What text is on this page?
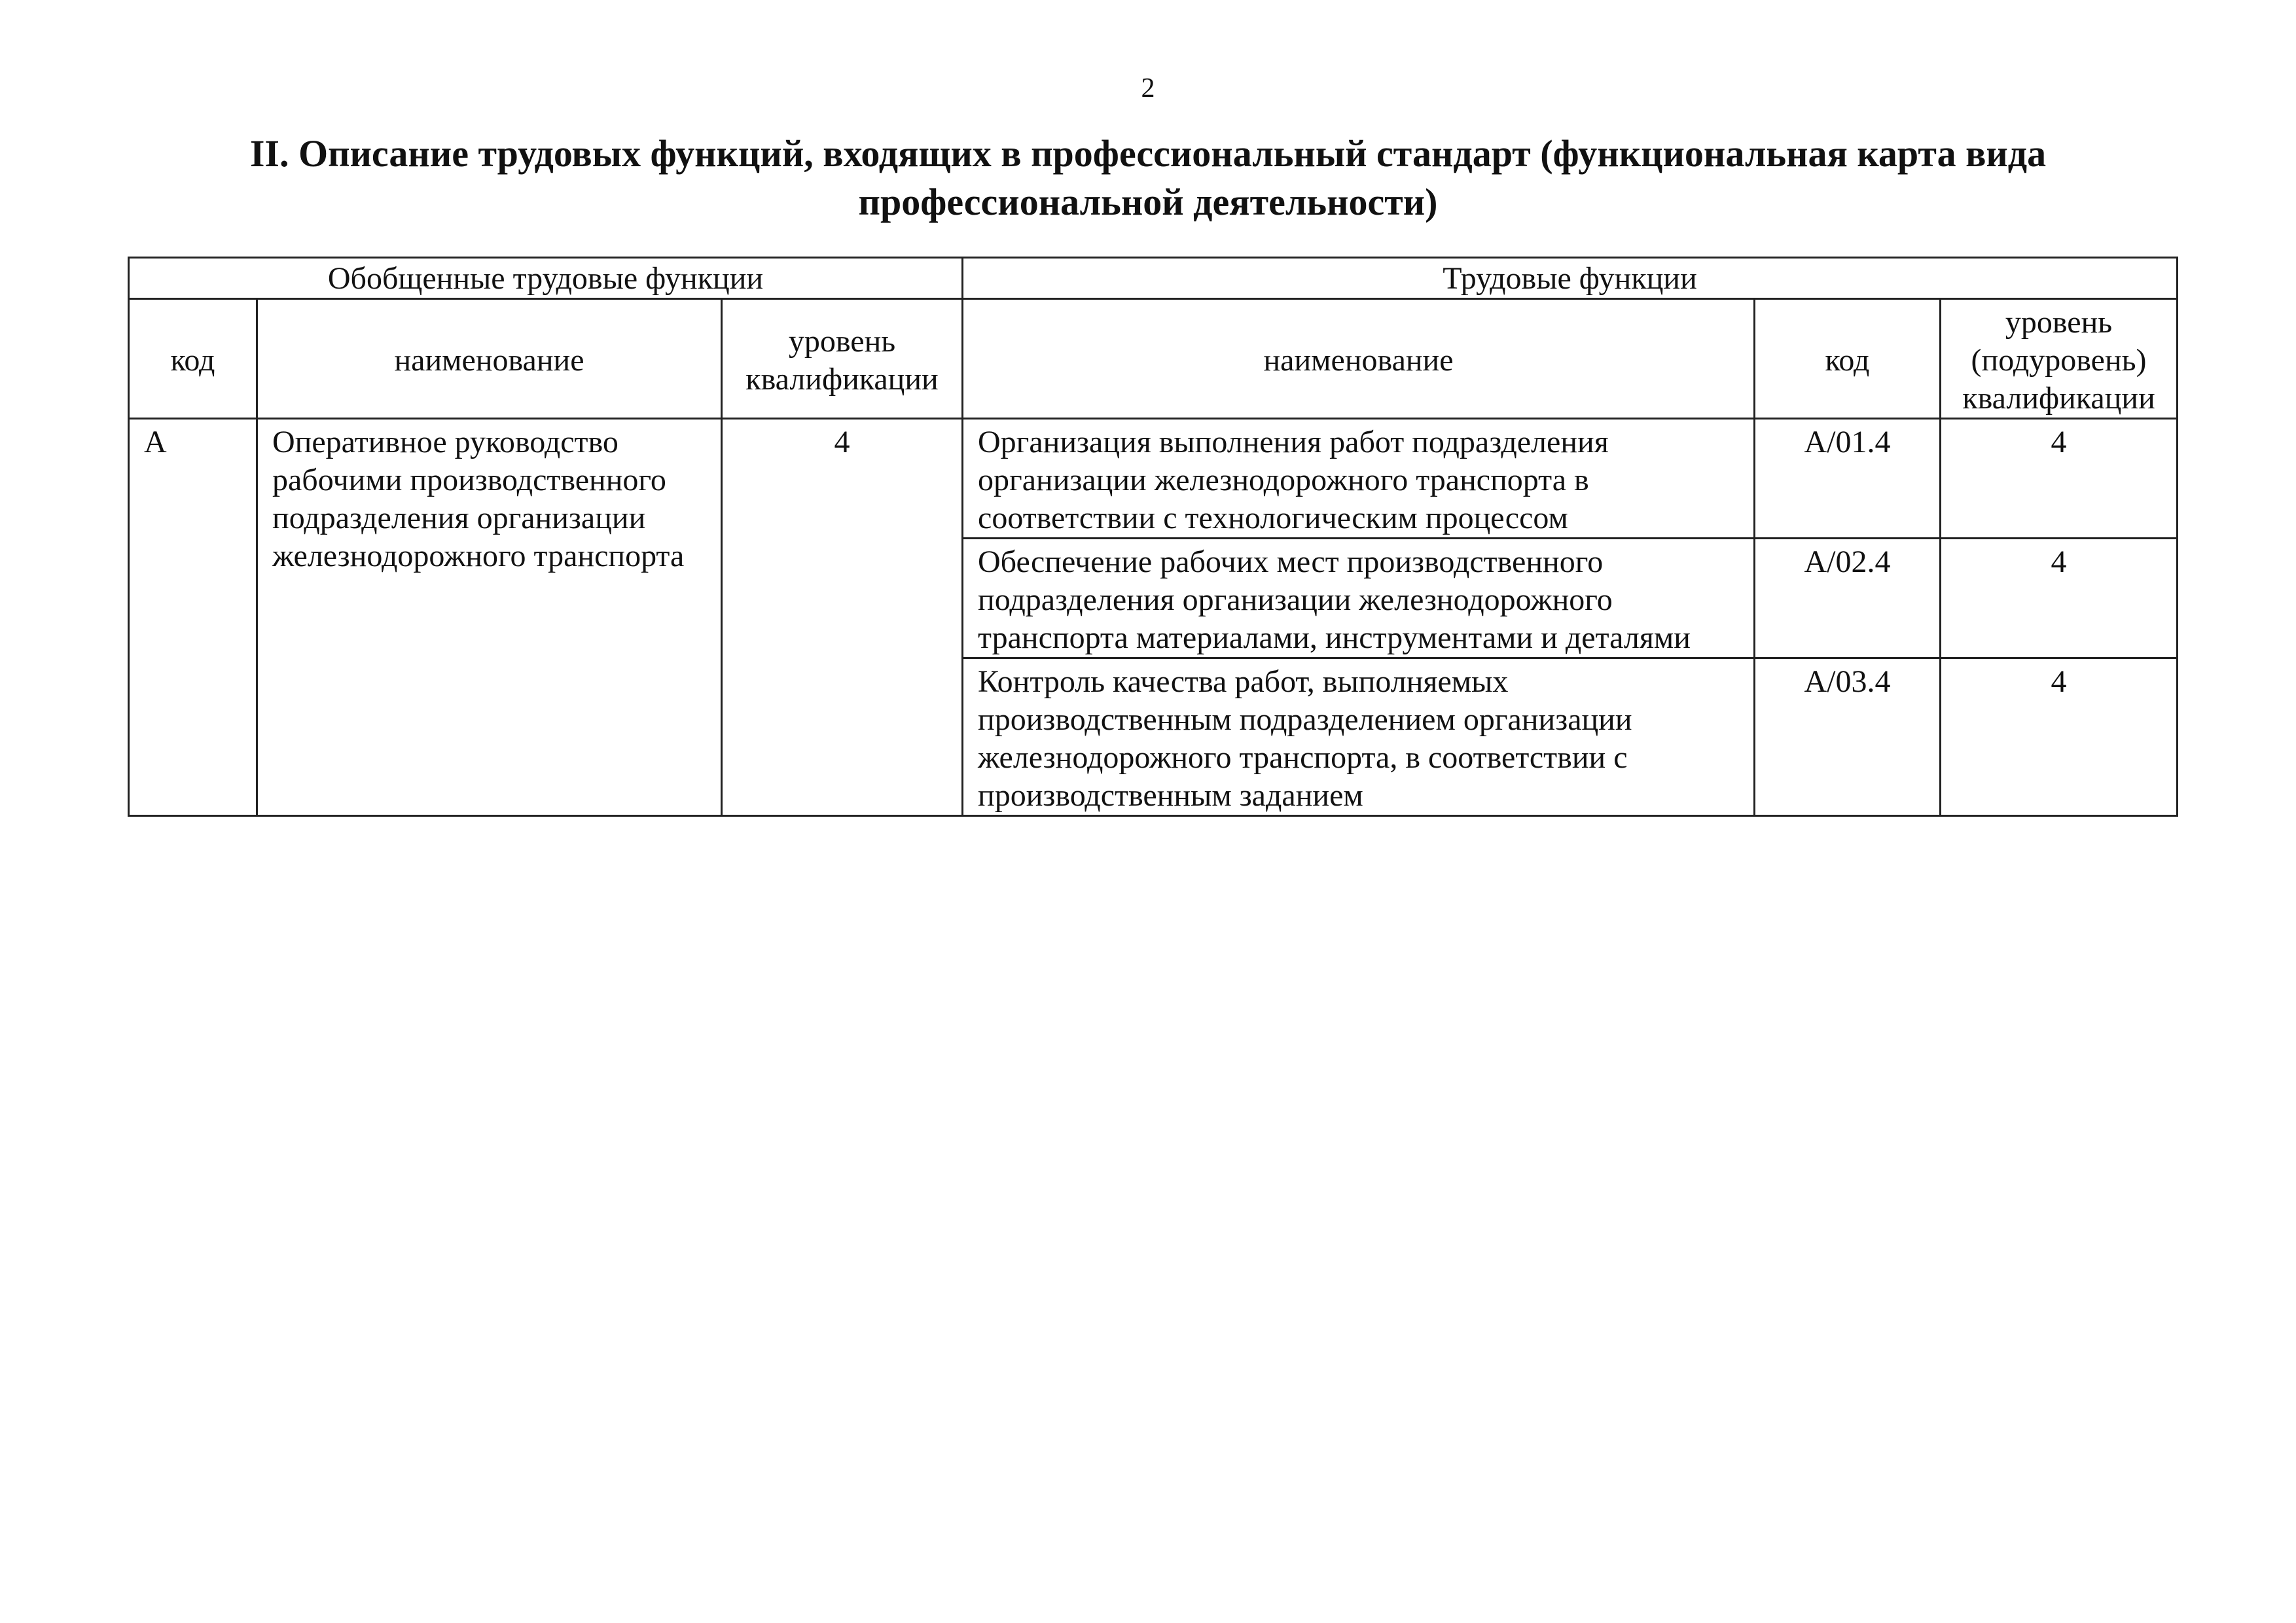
2
II. Описание трудовых функций, входящих в профессиональный стандарт (функциональная карта вида профессиональной деятельности)
Обобщенные трудовые функции			Трудовые функции		
код	наименование	уровень квалификации	наименование	код	уровень (подуровень) квалификации
А	Оперативное руководство рабочими производственного подразделения организации железнодорожного транспорта	4	Организация выполнения работ подразделения организации железнодорожного транспорта в соответствии с технологическим процессом	А/01.4	4
			Обеспечение рабочих мест производственного подразделения организации железнодорожного транспорта материалами, инструментами и деталями	А/02.4	4
			Контроль качества работ, выполняемых производственным подразделением организации железнодорожного транспорта, в соответствии с производственным заданием	А/03.4	4
